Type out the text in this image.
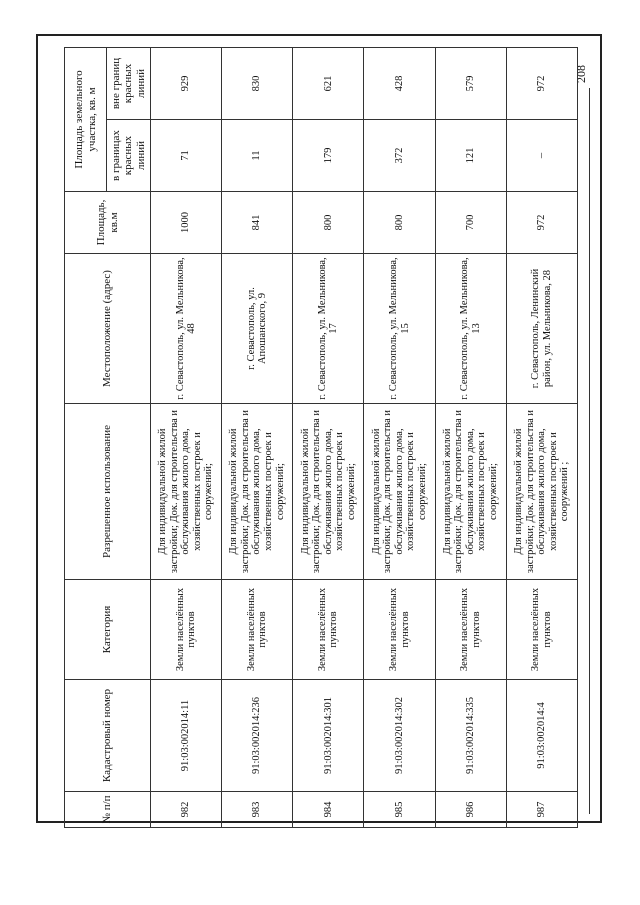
208
№ п/п	Кадастровый номер	Категория	Разрешенное использование	Местоположение (адрес)	Площадь, кв.м	Площадь земельного участка, кв. м	
						в границах красных линий	вне границ красных линий
982	91:03:002014:11	Земли населённых пунктов	Для индивидуальной жилой застройки; Док. для строительства и обслуживания жилого дома, хозяйственных построек и сооружений;	г. Севастополь, ул. Мельникова, 48	1000	71	929
983	91:03:002014:236	Земли населённых пунктов	Для индивидуальной жилой застройки; Док. для строительства и обслуживания жилого дома, хозяйственных построек и сооружений;	г. Севастополь, ул. Апошанского, 9	841	11	830
984	91:03:002014:301	Земли населённых пунктов	Для индивидуальной жилой застройки; Док. для строительства и обслуживания жилого дома, хозяйственных построек и сооружений;	г. Севастополь, ул. Мельникова, 17	800	179	621
985	91:03:002014:302	Земли населённых пунктов	Для индивидуальной жилой застройки; Док. для строительства и обслуживания жилого дома, хозяйственных построек и сооружений;	г. Севастополь, ул. Мельникова, 15	800	372	428
986	91:03:002014:335	Земли населённых пунктов	Для индивидуальной жилой застройки; Док. для строительства и обслуживания жилого дома, хозяйственных построек и сооружений;	г. Севастополь, ул. Мельникова, 13	700	121	579
987	91:03:002014:4	Земли населённых пунктов	Для индивидуальной жилой застройки; Док. для строительства и обслуживания жилого дома, хозяйственных построек и сооружений ;	г. Севастополь, Ленинский район, ул. Мельникова, 28	972	–	972
